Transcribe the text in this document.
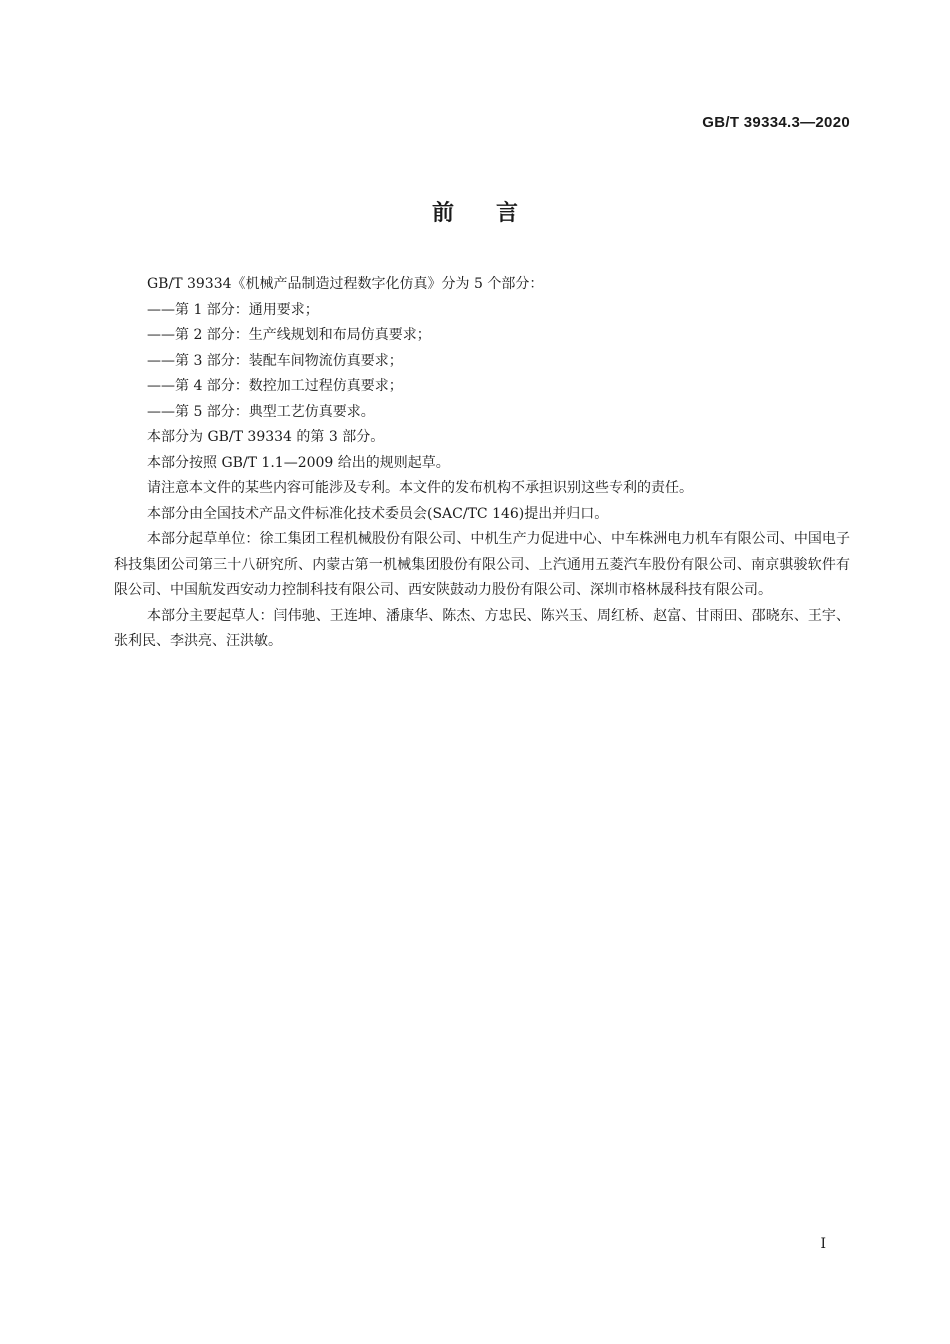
GB/T 39334.3—2020
前言
GB/T 39334《机械产品制造过程数字化仿真》分为 5 个部分：
——第 1 部分：通用要求；
——第 2 部分：生产线规划和布局仿真要求；
——第 3 部分：装配车间物流仿真要求；
——第 4 部分：数控加工过程仿真要求；
——第 5 部分：典型工艺仿真要求。
本部分为 GB/T 39334 的第 3 部分。
本部分按照 GB/T 1.1—2009 给出的规则起草。
请注意本文件的某些内容可能涉及专利。本文件的发布机构不承担识别这些专利的责任。
本部分由全国技术产品文件标准化技术委员会(SAC/TC 146)提出并归口。
本部分起草单位：徐工集团工程机械股份有限公司、中机生产力促进中心、中车株洲电力机车有限公司、中国电子科技集团公司第三十八研究所、内蒙古第一机械集团股份有限公司、上汽通用五菱汽车股份有限公司、南京骐骏软件有限公司、中国航发西安动力控制科技有限公司、西安陕鼓动力股份有限公司、深圳市格林晟科技有限公司。
本部分主要起草人：闫伟驰、王连坤、潘康华、陈杰、方忠民、陈兴玉、周红桥、赵富、甘雨田、邵晓东、王宇、张利民、李洪亮、汪洪敏。
I
